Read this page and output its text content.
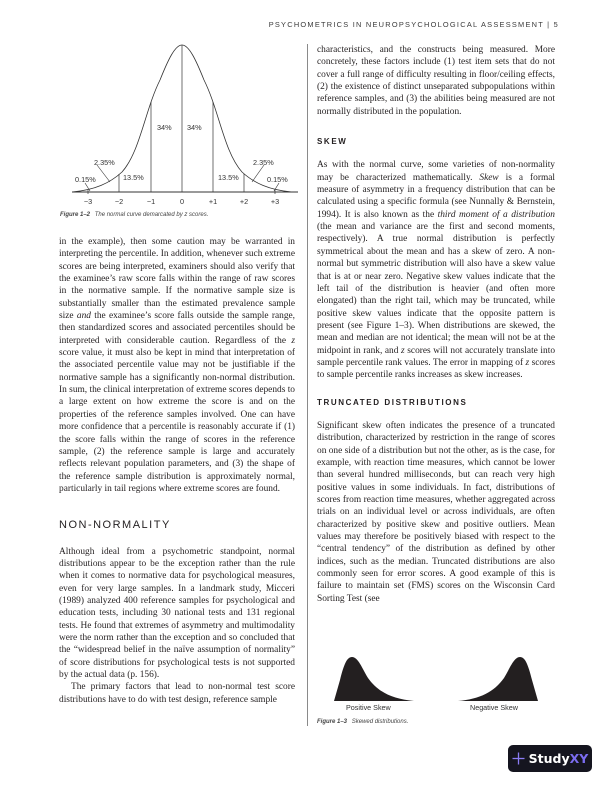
PSYCHOMETRICS IN NEUROPSYCHOLOGICAL ASSESSMENT | 5
34% 34%
13.5%	13.5%
2.35%	2.35%
0.15%	0.15%
−3	−2	−1	0	+1	+2	+3
Figure 1–2 The normal curve demarcated by z scores.

in the example), then some caution may be warranted in interpreting the percentile. In addition, whenever such extreme scores are being interpreted, examiners should also verify that the examinee’s raw score falls within the range of raw scores in the normative sample. If the normative sample size is substantially smaller than the estimated prevalence sample size and the examinee’s score falls outside the sample range, then standardized scores and associated percentiles should be interpreted with considerable caution. Regardless of the z score value, it must also be kept in mind that interpretation of the associated percentile value may not be justifiable if the normative sample has a significantly non-normal distribution. In sum, the clinical interpretation of extreme scores depends to a large extent on how extreme the score is and on the properties of the reference samples involved. One can have more confidence that a percentile is reasonably accurate if (1) the score falls within the range of scores in the reference sample, (2) the reference sample is large and accurately reflects relevant population parameters, and (3) the shape of the reference sample distribution is approximately normal, particularly in tail regions where extreme scores are found.

NON-NORMALITY

Although ideal from a psychometric standpoint, normal distributions appear to be the exception rather than the rule when it comes to normative data for psychological measures, even for very large samples. In a landmark study, Micceri (1989) analyzed 400 reference samples for psychological and education tests, including 30 national tests and 131 regional tests. He found that extremes of asymmetry and multimodality were the norm rather than the exception and so concluded that the “widespread belief in the naïve assumption of normality” of score distributions for psychological tests is not supported by the actual data (p. 156).

The primary factors that lead to non-normal test score distributions have to do with test design, reference sample

characteristics, and the constructs being measured. More concretely, these factors include (1) test item sets that do not cover a full range of difficulty resulting in floor/ceiling effects, (2) the existence of distinct unseparated subpopulations within reference samples, and (3) the abilities being measured are not normally distributed in the population.

SKEW

As with the normal curve, some varieties of non-normality may be characterized mathematically. Skew is a formal measure of asymmetry in a frequency distribution that can be calculated using a specific formula (see Nunnally & Bernstein, 1994). It is also known as the third moment of a distribution (the mean and variance are the first and second moments, respectively). A true normal distribution is perfectly symmetrical about the mean and has a skew of zero. A non-normal but symmetric distribution will also have a skew value that is at or near zero. Negative skew values indicate that the left tail of the distribution is heavier (and often more elongated) than the right tail, which may be truncated, while positive skew values indicate that the opposite pattern is present (see Figure 1–3). When distributions are skewed, the mean and median are not identical; the mean will not be at the midpoint in rank, and z scores will not accurately translate into sample percentile rank values. The error in mapping of z scores to sample percentile ranks increases as skew increases.

TRUNCATED DISTRIBUTIONS

Significant skew often indicates the presence of a truncated distribution, characterized by restriction in the range of scores on one side of a distribution but not the other, as is the case, for example, with reaction time measures, which cannot be lower than several hundred milliseconds, but can reach very high positive values in some individuals. In fact, distributions of scores from reaction time measures, whether aggregated across trials on an individual level or across individuals, are often characterized by positive skew and positive outliers. Mean values may therefore be positively biased with respect to the “central tendency” of the distribution as defined by other indices, such as the median. Truncated distributions are also commonly seen for error scores. A good example of this is failure to maintain set (FMS) scores on the Wisconsin Card Sorting Test (see

Positive Skew	Negative Skew
Figure 1–3 Skewed distributions.
StudyXY
